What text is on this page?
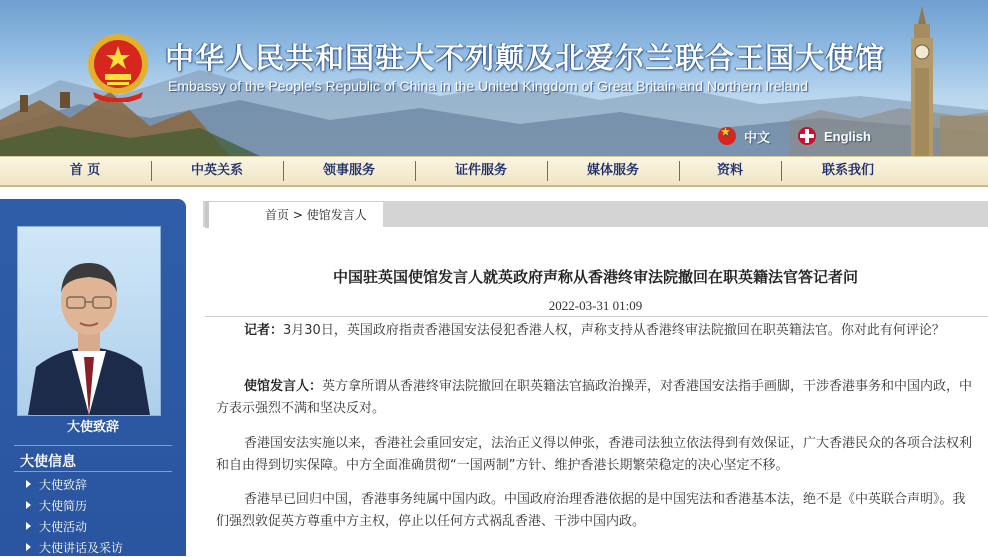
中华人民共和国驻大不列颠及北爱尔兰联合王国大使馆
Embassy of the People's Republic of China in the United Kingdom of Great Britain and Northern Ireland
★
中文	English
首 页	中英关系	领事服务	证件服务	媒体服务	资料	联系我们
大使致辞
大使信息
大使致辞
大使简历
大使活动
大使讲话及采访
首页 > 使馆发言人
中国驻英国使馆发言人就英政府声称从香港终审法院撤回在职英籍法官答记者问
2022-03-31 01:09

记者：3月30日，英国政府指责香港国安法侵犯香港人权，声称支持从香港终审法院撤回在职英籍法官。你对此有何评论？

使馆发言人：英方拿所谓从香港终审法院撤回在职英籍法官搞政治操弄，对香港国安法指手画脚，干涉香港事务和中国内政，中方表示强烈不满和坚决反对。

香港国安法实施以来，香港社会重回安定，法治正义得以伸张，香港司法独立依法得到有效保证，广大香港民众的各项合法权利和自由得到切实保障。中方全面准确贯彻“一国两制”方针、维护香港长期繁荣稳定的决心坚定不移。

香港早已回归中国，香港事务纯属中国内政。中国政府治理香港依据的是中国宪法和香港基本法，绝不是《中英联合声明》。我们强烈敦促英方尊重中方主权，停止以任何方式祸乱香港、干涉中国内政。
